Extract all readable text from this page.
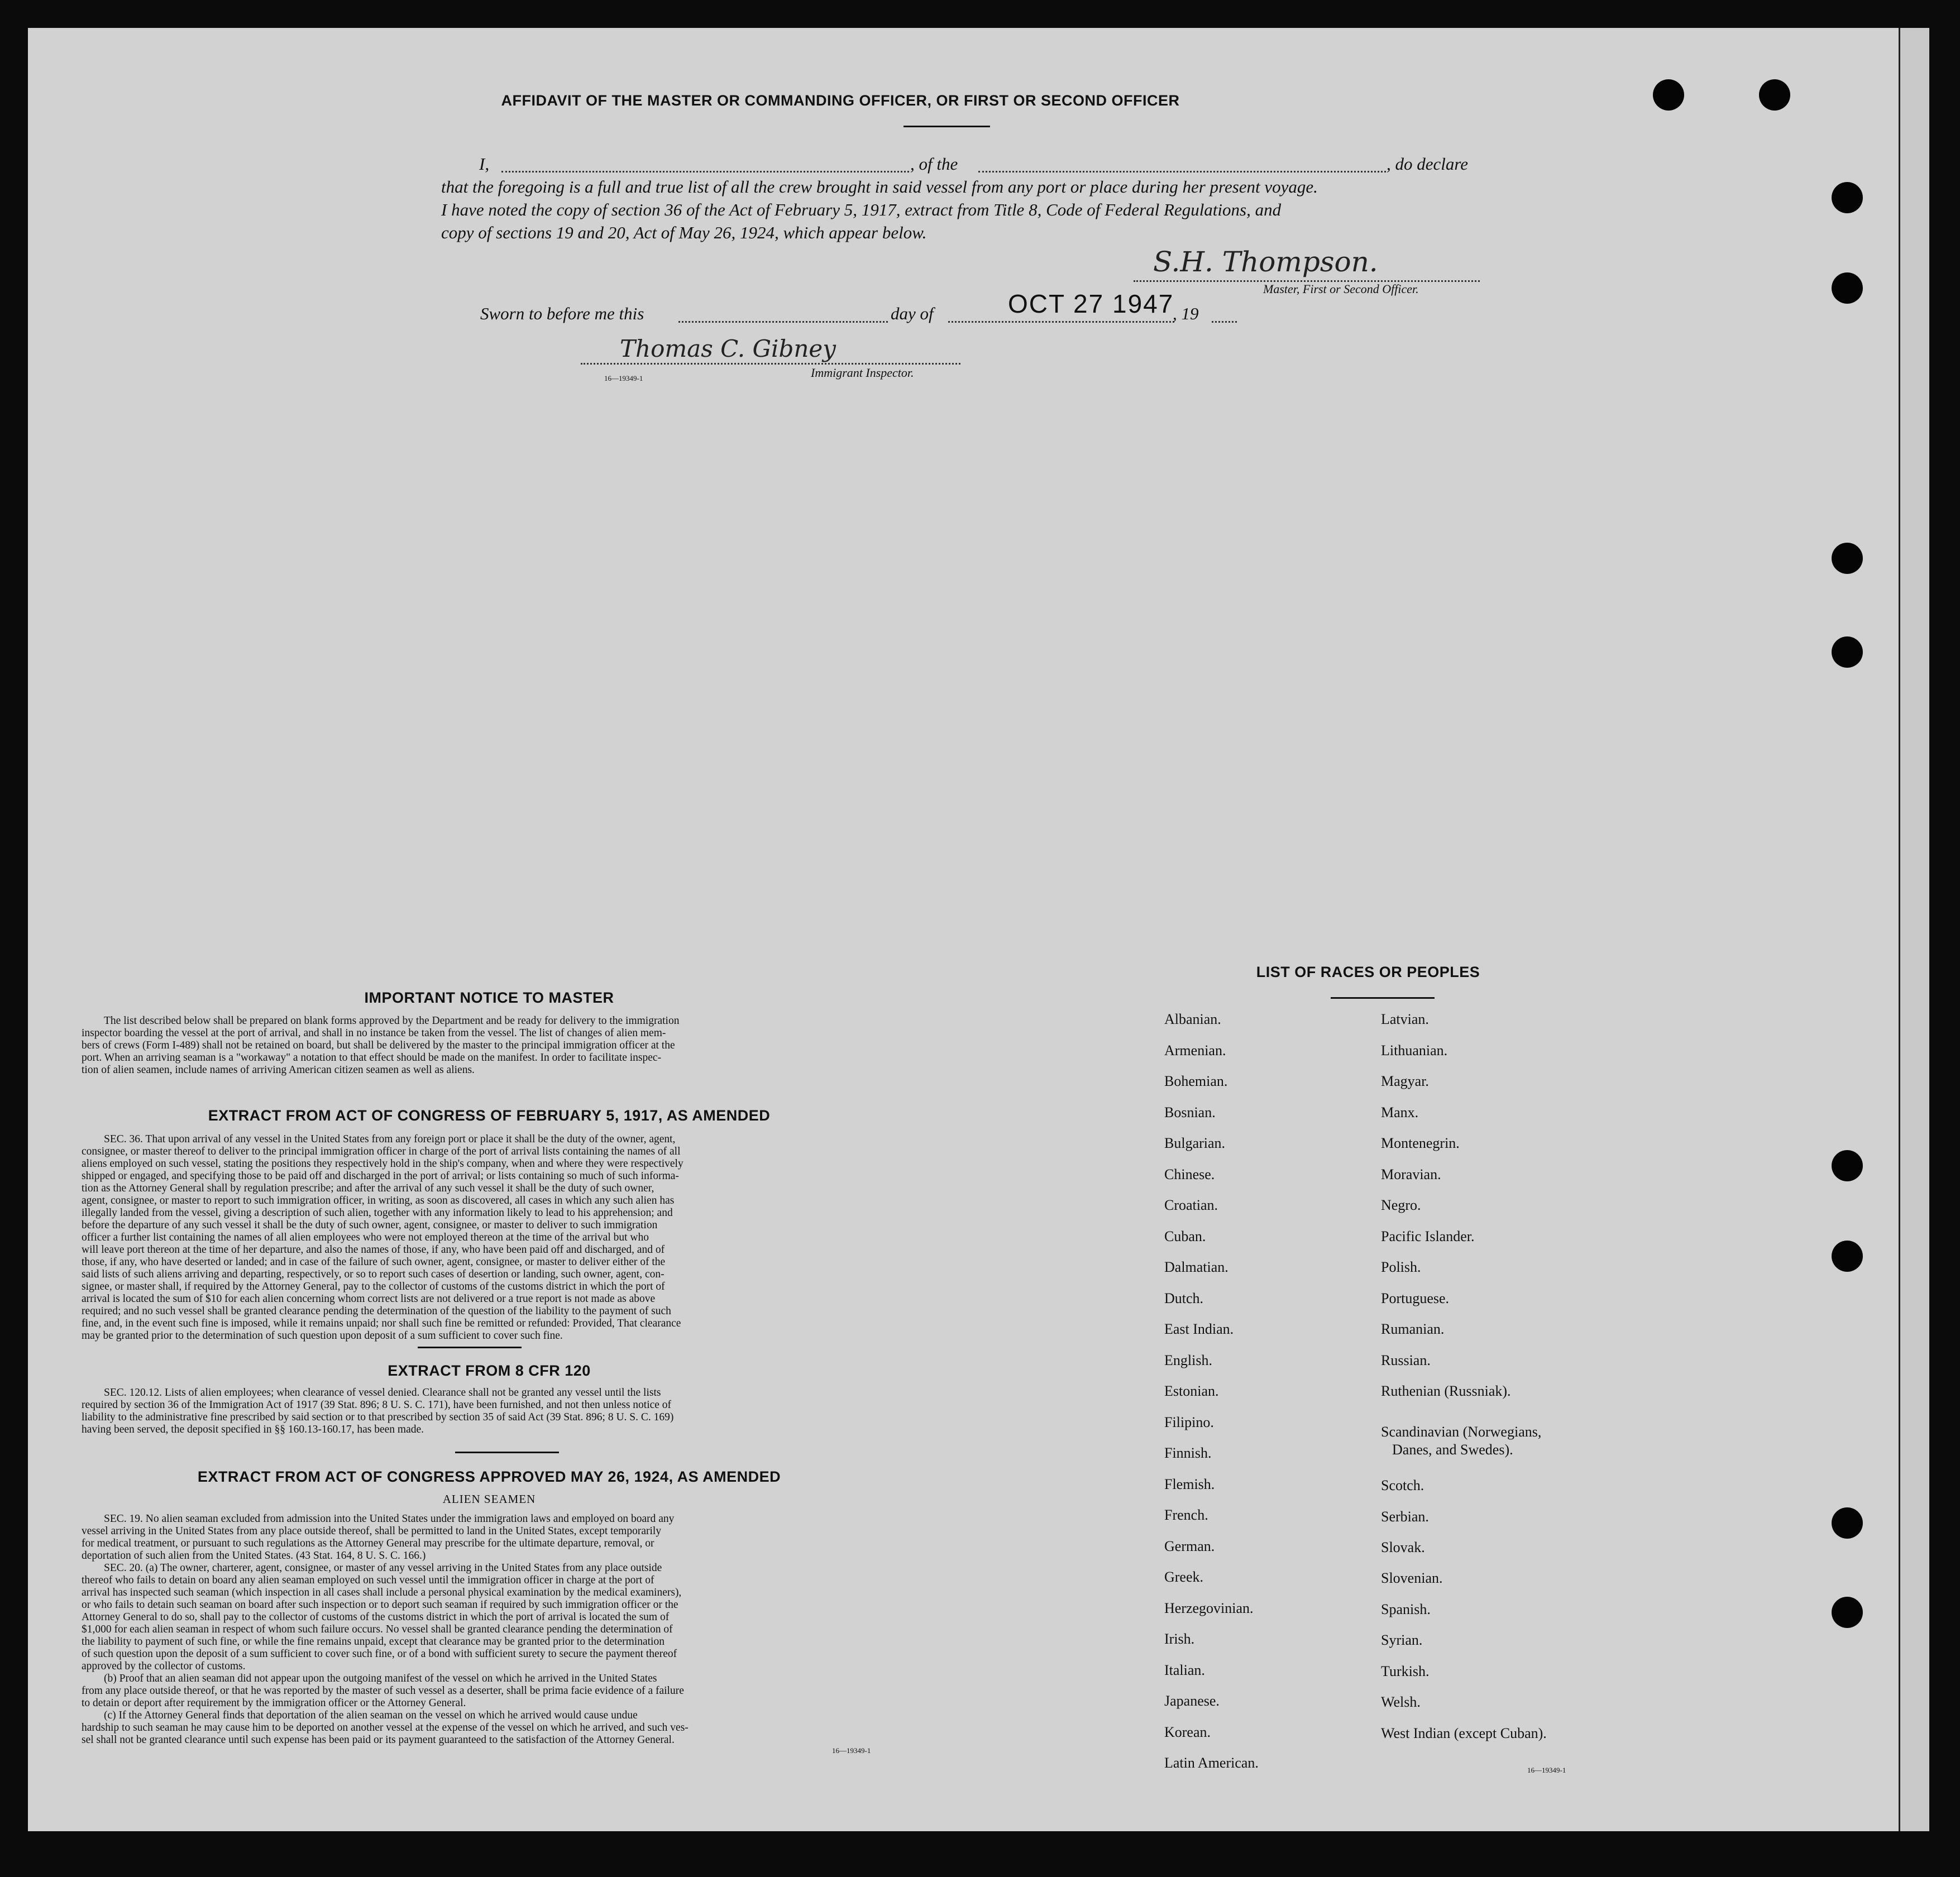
AFFIDAVIT OF THE MASTER OR COMMANDING OFFICER, OR FIRST OR SECOND OFFICER
I,	, of the	, do declare
that the foregoing is a full and true list of all the crew brought in said vessel from any port or place during her present voyage.
I have noted the copy of section 36 of the Act of February 5, 1917, extract from Title 8, Code of Federal Regulations, and
copy of sections 19 and 20, Act of May 26, 1924, which appear below.
S.H. Thompson.
Master, First or Second Officer.
Sworn to before me this	day of	OCT 27 1947
, 19
Thomas C. Gibney
16—19349-1	Immigrant Inspector.
IMPORTANT NOTICE TO MASTER
The list described below shall be prepared on blank forms approved by the Department and be ready for delivery to the immigration
inspector boarding the vessel at the port of arrival, and shall in no instance be taken from the vessel. The list of changes of alien mem-
bers of crews (Form I-489) shall not be retained on board, but shall be delivered by the master to the principal immigration officer at the
port. When an arriving seaman is a "workaway" a notation to that effect should be made on the manifest. In order to facilitate inspec-
tion of alien seamen, include names of arriving American citizen seamen as well as aliens.
EXTRACT FROM ACT OF CONGRESS OF FEBRUARY 5, 1917, AS AMENDED
SEC. 36. That upon arrival of any vessel in the United States from any foreign port or place it shall be the duty of the owner, agent,
consignee, or master thereof to deliver to the principal immigration officer in charge of the port of arrival lists containing the names of all
aliens employed on such vessel, stating the positions they respectively hold in the ship's company, when and where they were respectively
shipped or engaged, and specifying those to be paid off and discharged in the port of arrival; or lists containing so much of such informa-
tion as the Attorney General shall by regulation prescribe; and after the arrival of any such vessel it shall be the duty of such owner,
agent, consignee, or master to report to such immigration officer, in writing, as soon as discovered, all cases in which any such alien has
illegally landed from the vessel, giving a description of such alien, together with any information likely to lead to his apprehension; and
before the departure of any such vessel it shall be the duty of such owner, agent, consignee, or master to deliver to such immigration
officer a further list containing the names of all alien employees who were not employed thereon at the time of the arrival but who
will leave port thereon at the time of her departure, and also the names of those, if any, who have been paid off and discharged, and of
those, if any, who have deserted or landed; and in case of the failure of such owner, agent, consignee, or master to deliver either of the
said lists of such aliens arriving and departing, respectively, or so to report such cases of desertion or landing, such owner, agent, con-
signee, or master shall, if required by the Attorney General, pay to the collector of customs of the customs district in which the port of
arrival is located the sum of $10 for each alien concerning whom correct lists are not delivered or a true report is not made as above
required; and no such vessel shall be granted clearance pending the determination of the question of the liability to the payment of such
fine, and, in the event such fine is imposed, while it remains unpaid; nor shall such fine be remitted or refunded: Provided, That clearance
may be granted prior to the determination of such question upon deposit of a sum sufficient to cover such fine.
EXTRACT FROM 8 CFR 120
SEC. 120.12. Lists of alien employees; when clearance of vessel denied. Clearance shall not be granted any vessel until the lists
required by section 36 of the Immigration Act of 1917 (39 Stat. 896; 8 U. S. C. 171), have been furnished, and not then unless notice of
liability to the administrative fine prescribed by said section or to that prescribed by section 35 of said Act (39 Stat. 896; 8 U. S. C. 169)
having been served, the deposit specified in §§ 160.13-160.17, has been made.
EXTRACT FROM ACT OF CONGRESS APPROVED MAY 26, 1924, AS AMENDED
ALIEN SEAMEN
SEC. 19. No alien seaman excluded from admission into the United States under the immigration laws and employed on board any
vessel arriving in the United States from any place outside thereof, shall be permitted to land in the United States, except temporarily
for medical treatment, or pursuant to such regulations as the Attorney General may prescribe for the ultimate departure, removal, or
deportation of such alien from the United States. (43 Stat. 164, 8 U. S. C. 166.)
SEC. 20. (a) The owner, charterer, agent, consignee, or master of any vessel arriving in the United States from any place outside
thereof who fails to detain on board any alien seaman employed on such vessel until the immigration officer in charge at the port of
arrival has inspected such seaman (which inspection in all cases shall include a personal physical examination by the medical examiners),
or who fails to detain such seaman on board after such inspection or to deport such seaman if required by such immigration officer or the
Attorney General to do so, shall pay to the collector of customs of the customs district in which the port of arrival is located the sum of
$1,000 for each alien seaman in respect of whom such failure occurs. No vessel shall be granted clearance pending the determination of
the liability to payment of such fine, or while the fine remains unpaid, except that clearance may be granted prior to the determination
of such question upon the deposit of a sum sufficient to cover such fine, or of a bond with sufficient surety to secure the payment thereof
approved by the collector of customs.
(b) Proof that an alien seaman did not appear upon the outgoing manifest of the vessel on which he arrived in the United States
from any place outside thereof, or that he was reported by the master of such vessel as a deserter, shall be prima facie evidence of a failure
to detain or deport after requirement by the immigration officer or the Attorney General.
(c) If the Attorney General finds that deportation of the alien seaman on the vessel on which he arrived would cause undue
hardship to such seaman he may cause him to be deported on another vessel at the expense of the vessel on which he arrived, and such ves-
sel shall not be granted clearance until such expense has been paid or its payment guaranteed to the satisfaction of the Attorney General.
16—19349-1
LIST OF RACES OR PEOPLES
Albanian.
Armenian.
Bohemian.
Bosnian.
Bulgarian.
Chinese.
Croatian.
Cuban.
Dalmatian.
Dutch.
East Indian.
English.
Estonian.
Filipino.
Finnish.
Flemish.
French.
German.
Greek.
Herzegovinian.
Irish.
Italian.
Japanese.
Korean.
Latin American.
Latvian.
Lithuanian.
Magyar.
Manx.
Montenegrin.
Moravian.
Negro.
Pacific Islander.
Polish.
Portuguese.
Rumanian.
Russian.
Ruthenian (Russniak).
Scandinavian (Norwegians,
Danes, and Swedes).
Scotch.
Serbian.
Slovak.
Slovenian.
Spanish.
Syrian.
Turkish.
Welsh.
West Indian (except Cuban).
16—19349-1
